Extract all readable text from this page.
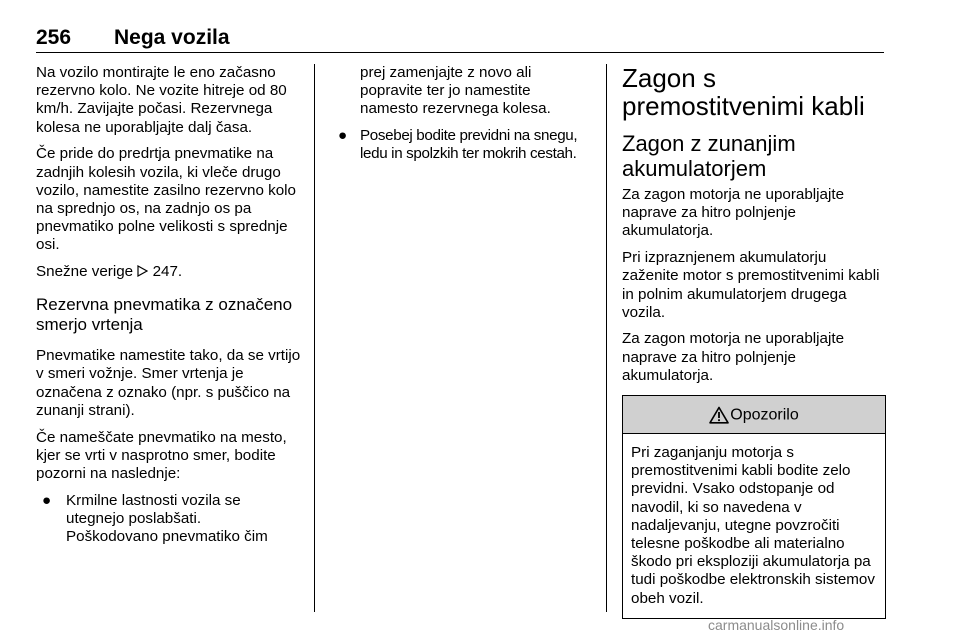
256 Nega vozila

Na vozilo montirajte le eno začasno rezervno kolo. Ne vozite hitreje od 80 km/h. Zavijajte počasi. Rezervnega kolesa ne uporabljajte dalj časa.

Če pride do predrtja pnevmatike na zadnjih kolesih vozila, ki vleče drugo vozilo, namestite zasilno rezervno kolo na sprednjo os, na zadnjo os pa pnevmatiko polne velikosti s sprednje osi.

Snežne verige 247.

Rezervna pnevmatika z označeno smerjo vrtenja

Pnevmatike namestite tako, da se vrtijo v smeri vožnje. Smer vrtenja je označena z oznako (npr. s puščico na zunanji strani).

Če nameščate pnevmatiko na mesto, kjer se vrti v nasprotno smer, bodite pozorni na naslednje:

● Krmilne lastnosti vozila se utegnejo poslabšati.
Poškodovano pnevmatiko čim
prej zamenjajte z novo ali popravite ter jo namestite namesto rezervnega kolesa.
● Posebej bodite previdni na snegu, ledu in spolzkih ter mokrih cestah.
Zagon s premostitvenimi kabli
Zagon z zunanjim akumulatorjem

Za zagon motorja ne uporabljajte naprave za hitro polnjenje akumulatorja.

Pri izpraznjenem akumulatorju zaženite motor s premostitvenimi kabli in polnim akumulatorjem drugega vozila.

Za zagon motorja ne uporabljajte naprave za hitro polnjenje akumulatorja.

Opozorilo
Pri zaganjanju motorja s premostitvenimi kabli bodite zelo previdni. Vsako odstopanje od navodil, ki so navedena v nadaljevanju, utegne povzročiti telesne poškodbe ali materialno škodo pri eksploziji akumulatorja pa tudi poškodbe elektronskih sistemov obeh vozil.
carmanualsonline.info
